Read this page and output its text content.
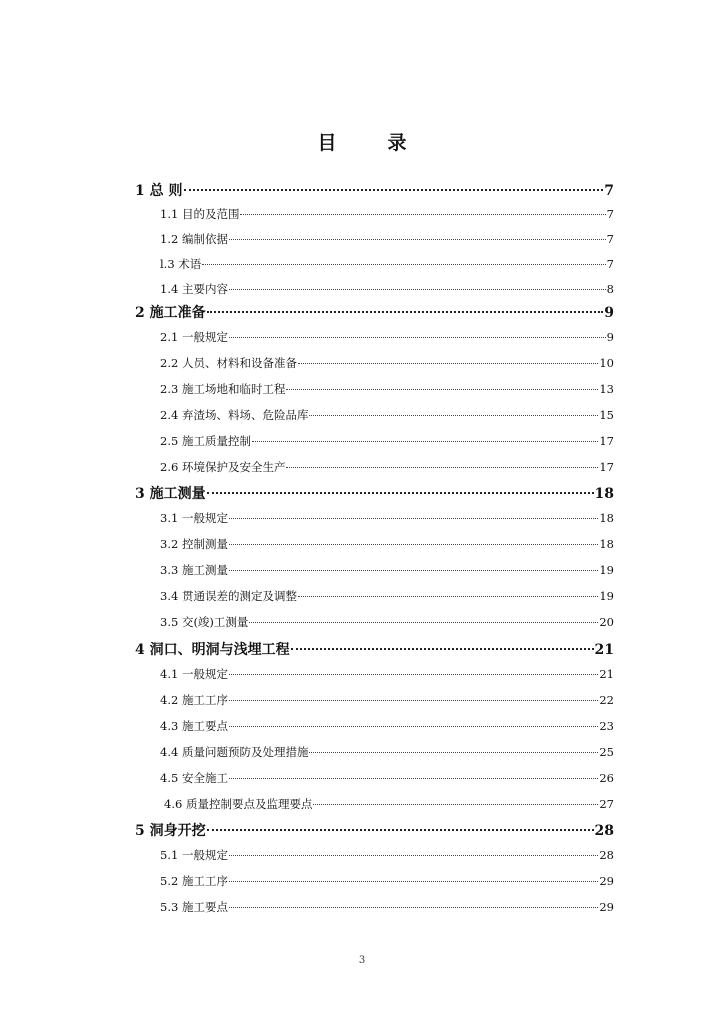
目　录
1 总 则	7
1.1 目的及范围	7
1.2 编制依据	7
l.3 术语	7
1.4 主要内容	8
2 施工准备	9
2.1 一般规定	9
2.2 人员、材料和设备准备	10
2.3 施工场地和临时工程	13
2.4 弃渣场、料场、危险品库	15
2.5 施工质量控制	17
2.6 环境保护及安全生产	17
3 施工测量	18
3.1 一般规定	18
3.2 控制测量	18
3.3 施工测量	19
3.4 贯通误差的测定及调整	19
3.5 交(竣)工测量	20
4 洞口、明洞与浅埋工程	21
4.1 一般规定	21
4.2 施工工序	22
4.3 施工要点	23
4.4 质量问题预防及处理措施	25
4.5 安全施工	26
4.6 质量控制要点及监理要点	27
5 洞身开挖	28
5.1 一般规定	28
5.2 施工工序	29
5.3 施工要点	29
3
